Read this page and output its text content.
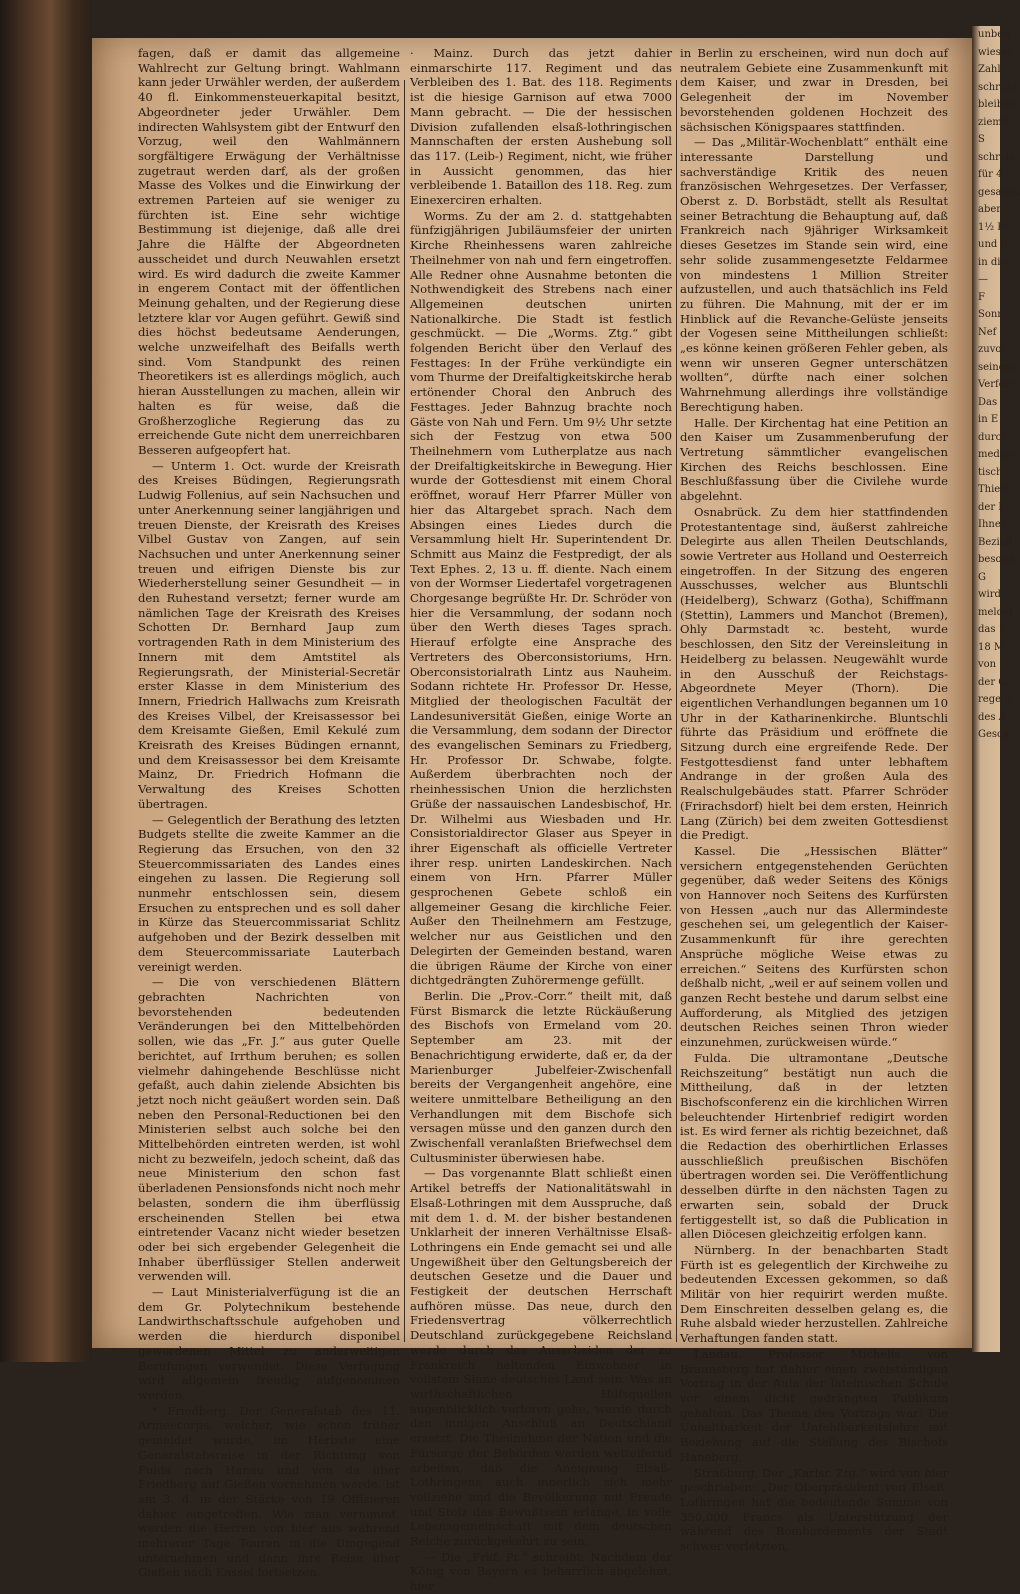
unbew
wiesen
Zahl
schriftw
bleiben
ziemli
S
schreib
für 4
gesamm
aber
1½ Pf
und fi
in die
—
F
Sonn
Nef
zuvor
seinem
Verfert
Das
in E
durch
mediciv
tisch
Thiere
der F
Ihnen
Bezieh
besond
G
wird
meldet
das 1
18 M
von
der G
regeln
des A
Gesch

fagen, daß er damit das allgemeine Wahlrecht zur Geltung bringt. Wahlmann kann jeder Urwähler werden, der außerdem 40 fl. Einkommensteuerkapital besitzt, Abgeordneter jeder Urwähler. Dem indirecten Wahlsystem gibt der Entwurf den Vorzug, weil den Wahlmännern sorgfältigere Erwägung der Verhältnisse zugetraut werden darf, als der großen Masse des Volkes und die Einwirkung der extremen Parteien auf sie weniger zu fürchten ist. Eine sehr wichtige Bestimmung ist diejenige, daß alle drei Jahre die Hälfte der Abgeordneten ausscheidet und durch Neuwahlen ersetzt wird. Es wird dadurch die zweite Kammer in engerem Contact mit der öffentlichen Meinung gehalten, und der Regierung diese letztere klar vor Augen geführt. Gewiß sind dies höchst bedeutsame Aenderungen, welche unzweifelhaft des Beifalls werth sind. Vom Standpunkt des reinen Theoretikers ist es allerdings möglich, auch hieran Ausstellungen zu machen, allein wir halten es für weise, daß die Großherzogliche Regierung das zu erreichende Gute nicht dem unerreichbaren Besseren aufgeopfert hat.

— Unterm 1. Oct. wurde der Kreisrath des Kreises Büdingen, Regierungsrath Ludwig Follenius, auf sein Nachsuchen und unter Anerkennung seiner langjährigen und treuen Dienste, der Kreisrath des Kreises Vilbel Gustav von Zangen, auf sein Nachsuchen und unter Anerkennung seiner treuen und eifrigen Dienste bis zur Wiederherstellung seiner Gesundheit — in den Ruhestand versetzt; ferner wurde am nämlichen Tage der Kreisrath des Kreises Schotten Dr. Bernhard Jaup zum vortragenden Rath in dem Ministerium des Innern mit dem Amtstitel als Regierungsrath, der Ministerial-Secretär erster Klasse in dem Ministerium des Innern, Friedrich Hallwachs zum Kreisrath des Kreises Vilbel, der Kreisassessor bei dem Kreisamte Gießen, Emil Kekulé zum Kreisrath des Kreises Büdingen ernannt, und dem Kreisassessor bei dem Kreisamte Mainz, Dr. Friedrich Hofmann die Verwaltung des Kreises Schotten übertragen.

— Gelegentlich der Berathung des letzten Budgets stellte die zweite Kammer an die Regierung das Ersuchen, von den 32 Steuercommissariaten des Landes eines eingehen zu lassen. Die Regierung soll nunmehr entschlossen sein, diesem Ersuchen zu entsprechen und es soll daher in Kürze das Steuercommissariat Schlitz aufgehoben und der Bezirk desselben mit dem Steuercommissariate Lauterbach vereinigt werden.

— Die von verschiedenen Blättern gebrachten Nachrichten von bevorstehenden bedeutenden Veränderungen bei den Mittelbehörden sollen, wie das „Fr. J.“ aus guter Quelle berichtet, auf Irrthum beruhen; es sollen vielmehr dahingehende Beschlüsse nicht gefaßt, auch dahin zielende Absichten bis jetzt noch nicht geäußert worden sein. Daß neben den Personal-Reductionen bei den Ministerien selbst auch solche bei den Mittelbehörden eintreten werden, ist wohl nicht zu bezweifeln, jedoch scheint, daß das neue Ministerium den schon fast überladenen Pensionsfonds nicht noch mehr belasten, sondern die ihm überflüssig erscheinenden Stellen bei etwa eintretender Vacanz nicht wieder besetzen oder bei sich ergebender Gelegenheit die Inhaber überflüssiger Stellen anderweit verwenden will.

— Laut Ministerialverfügung ist die an dem Gr. Polytechnikum bestehende Landwirthschaftsschule aufgehoben und werden die hierdurch disponibel gewordenen Mittel zu anderweitigen Berufungen verwendet. Diese Verfügung wird allgemein freudig aufgenommen werden.

* Friedberg. Der Generalstab des 11. Armeecorps, welcher, wie schon früher gemeldet wurde, im Herbste eine Generalstabsreise in der Richtung von Fulda nach Hanau und von da über Friedberg auf Gießen vornehmen werde, ist am 3. d. in der Stärke von 19 Offizieren dahier eingetroffen. Wie man vernimmt, werden die Herren von hier aus während mehrerer Tage Touren in die Umgegend unternehmen und dann ihre Reise über Gießen nach Kassel fortsetzen.

· Mainz. Durch das jetzt dahier einmarschirte 117. Regiment und das Verbleiben des 1. Bat. des 118. Regiments ist die hiesige Garnison auf etwa 7000 Mann gebracht. — Die der hessischen Division zufallenden elsaß-lothringischen Mannschaften der ersten Aushebung soll das 117. (Leib-) Regiment, nicht, wie früher in Aussicht genommen, das hier verbleibende 1. Bataillon des 118. Reg. zum Einexerciren erhalten.

Worms. Zu der am 2. d. stattgehabten fünfzigjährigen Jubiläumsfeier der unirten Kirche Rheinhessens waren zahlreiche Theilnehmer von nah und fern eingetroffen. Alle Redner ohne Ausnahme betonten die Nothwendigkeit des Strebens nach einer Allgemeinen deutschen unirten Nationalkirche. Die Stadt ist festlich geschmückt. — Die „Worms. Ztg.“ gibt folgenden Bericht über den Verlauf des Festtages: In der Frühe verkündigte ein vom Thurme der Dreifaltigkeitskirche herab ertönender Choral den Anbruch des Festtages. Jeder Bahnzug brachte noch Gäste von Nah und Fern. Um 9½ Uhr setzte sich der Festzug von etwa 500 Theilnehmern vom Lutherplatze aus nach der Dreifaltigkeitskirche in Bewegung. Hier wurde der Gottesdienst mit einem Choral eröffnet, worauf Herr Pfarrer Müller von hier das Altargebet sprach. Nach dem Absingen eines Liedes durch die Versammlung hielt Hr. Superintendent Dr. Schmitt aus Mainz die Festpredigt, der als Text Ephes. 2, 13 u. ff. diente. Nach einem von der Wormser Liedertafel vorgetragenen Chorgesange begrüßte Hr. Dr. Schröder von hier die Versammlung, der sodann noch über den Werth dieses Tages sprach. Hierauf erfolgte eine Ansprache des Vertreters des Oberconsistoriums, Hrn. Oberconsistorialrath Lintz aus Nauheim. Sodann richtete Hr. Professor Dr. Hesse, Mitglied der theologischen Facultät der Landesuniversität Gießen, einige Worte an die Versammlung, dem sodann der Director des evangelischen Seminars zu Friedberg, Hr. Professor Dr. Schwabe, folgte. Außerdem überbrachten noch der rheinhessischen Union die herzlichsten Grüße der nassauischen Landesbischof, Hr. Dr. Wilhelmi aus Wiesbaden und Hr. Consistorialdirector Glaser aus Speyer in ihrer Eigenschaft als officielle Vertreter ihrer resp. unirten Landeskirchen. Nach einem von Hrn. Pfarrer Müller gesprochenen Gebete schloß ein allgemeiner Gesang die kirchliche Feier. Außer den Theilnehmern am Festzuge, welcher nur aus Geistlichen und den Delegirten der Gemeinden bestand, waren die übrigen Räume der Kirche von einer dichtgedrängten Zuhörermenge gefüllt.

Berlin. Die „Prov.-Corr.“ theilt mit, daß Fürst Bismarck die letzte Rückäußerung des Bischofs von Ermeland vom 20. September am 23. mit der Benachrichtigung erwiderte, daß er, da der Marienburger Jubelfeier-Zwischenfall bereits der Vergangenheit angehöre, eine weitere unmittelbare Betheiligung an den Verhandlungen mit dem Bischofe sich versagen müsse und den ganzen durch den Zwischenfall veranlaßten Briefwechsel dem Cultusminister überwiesen habe.

— Das vorgenannte Blatt schließt einen Artikel betreffs der Nationalitätswahl in Elsaß-Lothringen mit dem Ausspruche, daß mit dem 1. d. M. der bisher bestandenen Unklarheit der inneren Verhältnisse Elsaß-Lothringens ein Ende gemacht sei und alle Ungewißheit über den Geltungsbereich der deutschen Gesetze und die Dauer und Festigkeit der deutschen Herrschaft aufhören müsse. Das neue, durch den Friedensvertrag völkerrechtlich Deutschland zurückgegebene Reichsland werde durch das Ausscheiden der zu Frankreich haltenden Einwohner in vollstem Sinne deutsches Land sein. Was an wirthschaftlichen Hilfsquellen augenblicklich verloren gehe, werde durch den innigen Anschluß an Deutschland ersetzt. Die Theilnahme der Nation und die Fürsorge der Behörden werden wetteifernd arbeiten, daß die Aneignung Elsaß-Lothringens auch innerlich sich mehr vollziehe und die Bevölkerung mit Freude und Stolz das Bewußtsein erlange, in volle Lebensgemeinschaft mit dem deutschen Reiche zurückgekehrt zu sein.

— Die „Frkf. Pr.“ schreibt: Nachdem der König von Bayern es beharrlich abgelehnt, hier

in Berlin zu erscheinen, wird nun doch auf neutralem Gebiete eine Zusammenkunft mit dem Kaiser, und zwar in Dresden, bei Gelegenheit der im November bevorstehenden goldenen Hochzeit des sächsischen Königspaares stattfinden.

— Das „Militär-Wochenblatt“ enthält eine interessante Darstellung und sachverständige Kritik des neuen französischen Wehrgesetzes. Der Verfasser, Oberst z. D. Borbstädt, stellt als Resultat seiner Betrachtung die Behauptung auf, daß Frankreich nach 9jähriger Wirksamkeit dieses Gesetzes im Stande sein wird, eine sehr solide zusammengesetzte Feldarmee von mindestens 1 Million Streiter aufzustellen, und auch thatsächlich ins Feld zu führen. Die Mahnung, mit der er im Hinblick auf die Revanche-Gelüste jenseits der Vogesen seine Mittheilungen schließt: „es könne keinen größeren Fehler geben, als wenn wir unseren Gegner unterschätzen wollten“, dürfte nach einer solchen Wahrnehmung allerdings ihre vollständige Berechtigung haben.

Halle. Der Kirchentag hat eine Petition an den Kaiser um Zusammenberufung der Vertretung sämmtlicher evangelischen Kirchen des Reichs beschlossen. Eine Beschlußfassung über die Civilehe wurde abgelehnt.

Osnabrück. Zu dem hier stattfindenden Protestantentage sind, äußerst zahlreiche Delegirte aus allen Theilen Deutschlands, sowie Vertreter aus Holland und Oesterreich eingetroffen. In der Sitzung des engeren Ausschusses, welcher aus Bluntschli (Heidelberg), Schwarz (Gotha), Schiffmann (Stettin), Lammers und Manchot (Bremen), Ohly Darmstadt ꝛc. besteht, wurde beschlossen, den Sitz der Vereinsleitung in Heidelberg zu belassen. Neugewählt wurde in den Ausschuß der Reichstags-Abgeordnete Meyer (Thorn). Die eigentlichen Verhandlungen begannen um 10 Uhr in der Katharinenkirche. Bluntschli führte das Präsidium und eröffnete die Sitzung durch eine ergreifende Rede. Der Festgottesdienst fand unter lebhaftem Andrange in der großen Aula des Realschulgebäudes statt. Pfarrer Schröder (Frirachsdorf) hielt bei dem ersten, Heinrich Lang (Zürich) bei dem zweiten Gottesdienst die Predigt.

Kassel. Die „Hessischen Blätter“ versichern entgegenstehenden Gerüchten gegenüber, daß weder Seitens des Königs von Hannover noch Seitens des Kurfürsten von Hessen „auch nur das Allermindeste geschehen sei, um gelegentlich der Kaiser-Zusammenkunft für ihre gerechten Ansprüche mögliche Weise etwas zu erreichen.“ Seitens des Kurfürsten schon deßhalb nicht, „weil er auf seinem vollen und ganzen Recht bestehe und darum selbst eine Aufforderung, als Mitglied des jetzigen deutschen Reiches seinen Thron wieder einzunehmen, zurückweisen würde.“

Fulda. Die ultramontane „Deutsche Reichszeitung“ bestätigt nun auch die Mittheilung, daß in der letzten Bischofsconferenz ein die kirchlichen Wirren beleuchtender Hirtenbrief redigirt worden ist. Es wird ferner als richtig bezeichnet, daß die Redaction des oberhirtlichen Erlasses ausschließlich preußischen Bischöfen übertragen worden sei. Die Veröffentlichung desselben dürfte in den nächsten Tagen zu erwarten sein, sobald der Druck fertiggestellt ist, so daß die Publication in allen Diöcesen gleichzeitig erfolgen kann.

Nürnberg. In der benachbarten Stadt Fürth ist es gelegentlich der Kirchweihe zu bedeutenden Excessen gekommen, so daß Militär von hier requirirt werden mußte. Dem Einschreiten desselben gelang es, die Ruhe alsbald wieder herzustellen. Zahlreiche Verhaftungen fanden statt.

Landau. Professor Michelis von Braunsberg hat dahier einen zweistündigen Vortrag in der Aula der lateinischen Schule vor einem dicht gedrängten Publikum gehalten. Das Thema des Vortrags war: Die Unhaltbarkeit der Unfehlbarkeitslehre mit Beziehung auf die Stellung des Bischofs Haneberg.

Straßburg. Der „Karlsr. Ztg.“ wird von hier geschrieben: „Der Oberpräsident von Elsaß-Lothringen hat die bedeutende Summe von 350,000 Francs als Unterstützung der während des Bombardements der Stadt schwer verletzten,
